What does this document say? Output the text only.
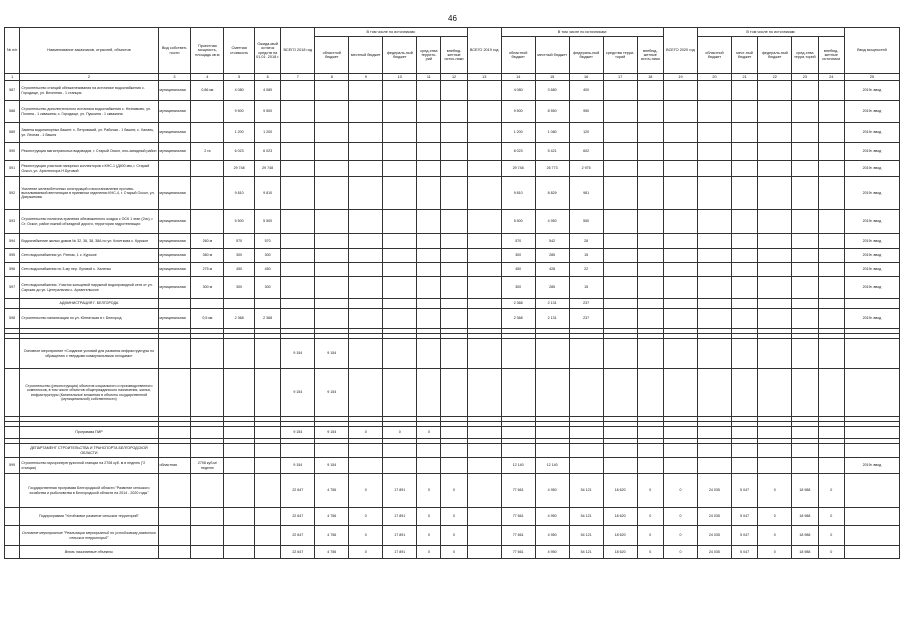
46
№ п/п	Наименование заказчиков, отраслей, объектов	Вид собствен-ности	Проектная мощность, площадь кв.м	Сметная стоимость	Ожида-мый остаток средств на 01.01. 2018 г.	ВСЕГО 2018 год	В том числе по источникам:					ВСЕГО 2019 год	В том числе по источникам:					ВСЕГО 2020 год	В том числе по источникам:					Ввод мощностей
							областной бюджет	местный бюджет	федераль-ный бюджет	сред-ства террито-рий	внебюд-жетные источ-ники		областной бюджет	местный бюджет	федераль-ный бюджет	средства терри-торий	внебюд-жетные источ-ники		областной бюджет	мест-ный бюджет	федераль-ный бюджет	сред-ства терри-торий	внебюд-жетные источники	
1	2	3	4	5	6	7	8	9	10	11	12	13	14	15	16	17	18	19	20	21	22	23	24	25
587	Строительство станций обезжелезивания на источнике водоснабжения с. Городище, ул. Весенняя - 1 станция	муниципальная	0,86 км	4 080	4 080								4 080	3 680	400									2019г. ввод
588	Строительство дополнительного источника водоснабжения с. Незнамово, ул. Полина - 1 скважина; с. Городище, ул. Пушкина - 1 скважина	муниципальная		9 500	9 500								9 500	8 550	950									2019г. ввод
589	Замена водонапорных башен: х. Петровский, ул. Рабочая - 1 башня; с. Халань, ул. Лесная - 1 башня	муниципальная		1 200	1 200								1 200	1 080	120									2019г. ввод
590	Реконструкция магистральных водоводов, г. Старый Оскол, юго-западный район	муниципальная	2 га	6 023	6 023								6 023	5 421	602									2019г. ввод
591	Реконструкция участков напорных коллекторов с КНС-1 (Д400 мм, г. Старый Оскол, ул. Архитектора Н.Бутовой			29 748	29 748								29 748	26 773	2 975									2019г. ввод
592	Усиление железобетонных конструкций и восстановление противо-выталкиваемой вентиляции в приемном отделении КНС-4, г. Старый Оскол, ул. Дзержинова	муниципальная		9 810	9 810								9 810	8 829	981									2019г. ввод
593	Строительство полигона хранения обезвоженного осадка с ОСК 1 этап (2оч), г. Ст. Оскол, район южной объездной дороги, территория гидротехнящии	муниципальная		5 500	5 500								5 500	4 950	550									2019г. ввод
594	Водоснабжение жилых домов № 32, 36, 38, 38А по ул. Кочеткова с. Курское	муниципальная	260 м	570	570								570	542	28									2019г. ввод
595	Сети водоснабжения ул. Ратнак, 1 с. Курское	муниципальная	360 м	300	300								300	285	15									2019г. ввод
596	Сети водоснабжения по 3-му пер. Луговой с. Халенко	муниципальная	275 м	450	450								450	428	22									2019г. ввод
597	Сети водоснабжения. Участок кольцевой наружной водопроводной сети от ул. Сарская до ул. Центральная с. Архангельское	муниципальная	300 м	300	300								300	285	15									2019г. ввод
	АДМИНИСТРАЦИЯ Г. БЕЛГОРОДА												2 368	2 131	237									
598	Строительство канализации по ул. Юннатская в г. Белгород	муниципальная	0,5 км	2 368	2 368								2 368	2 131	237									2019г. ввод

	Основное мероприятие «Создание условий для развития инфраструктуры по обращению с твердыми коммунальными отходами»					9 154	9 154																	
	Строительство (реконструкция) объектов социального и производственного комплексов, в том числе объектов общегражданского назначения, жилья, инфраструктуры (Капитальные вложения в объекты государственной (муниципальной) собственности)					9 154	9 154																	

	Программа ПИР					9 154	9 154	0	0	0														

	ДЕПАРТАМЕНТ СТРОИТЕЛЬСТВА И ТРАНСПОРТА БЕЛГОРОДСКОЙ ОБЛАСТИ																							
599	Строительство мусороперегрузочной станции на 2708 куб. м в неделю ("2 станции)	областная	2708 куб.м/ неделю			9 154	9 154						12 140	12 140										2019г. ввод
	Государственная программа Белгородской области "Развитие сельского хозяйства и рыболовства в Белгородской области на 2014 - 2020 годы"					22 647	4 756	0	17 891	0	0		77 661	4 950	54 121	18 620	0	0	24 035	5 047	0	18 988	0	
	Подпрограмма "Устойчивое развитие сельских территорий"					22 647	4 756	0	17 891	0	0		77 661	4 950	54 121	18 620	0	0	24 035	5 047	0	18 988	0	
	Основное мероприятие "Реализация мероприятий по устойчивому развитию сельских территорий"					22 647	4 756	0	17 891	0	0		77 661	4 950	54 121	18 620	0	0	24 035	5 047	0	18 988	0	
	Вновь начинаемые объекты					22 647	4 756	0	17 891	0	0		77 661	4 950	54 121	18 620	0	0	24 035	5 047	0	18 988	0	
